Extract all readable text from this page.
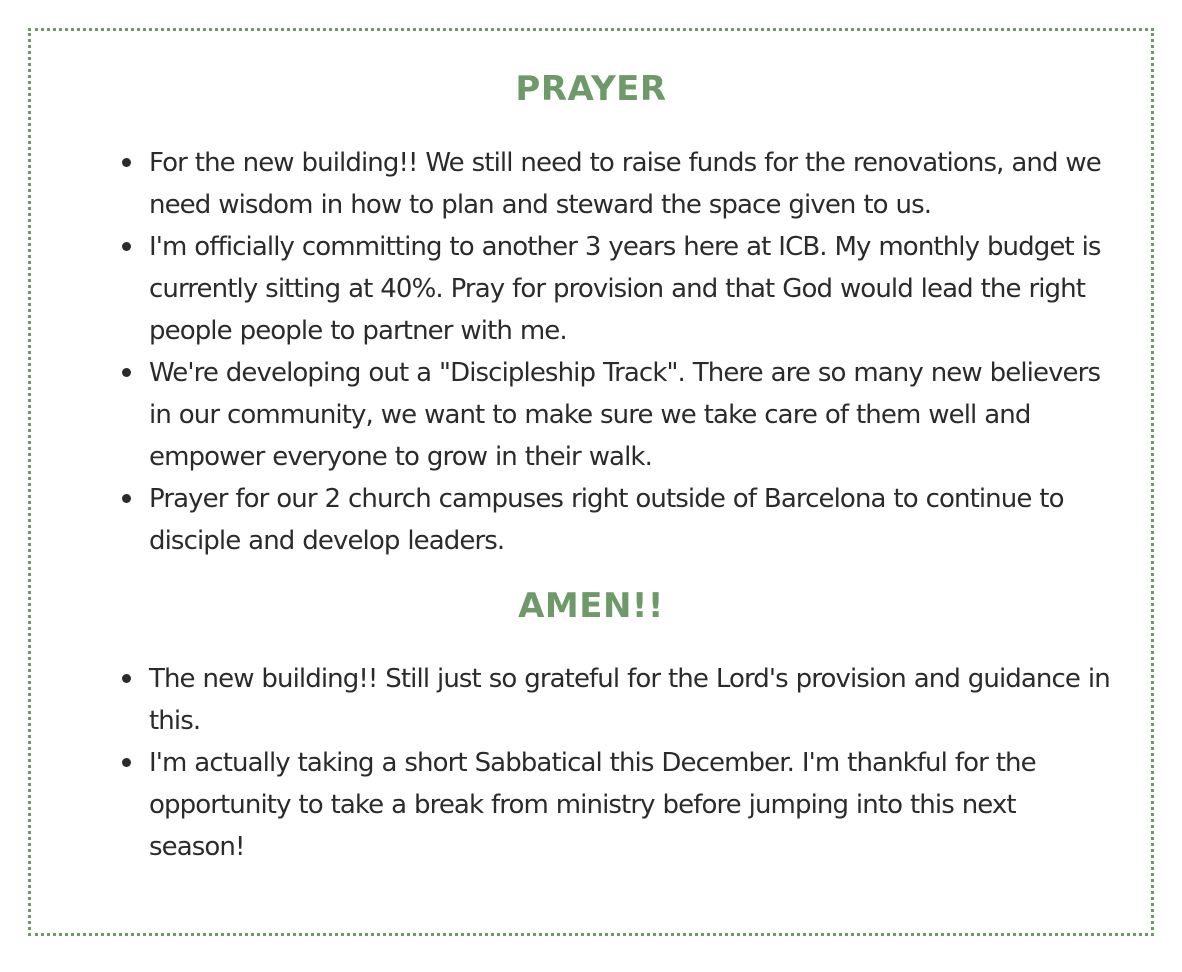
PRAYER
For the new building!! We still need to raise funds for the renovations, and we need wisdom in how to plan and steward the space given to us.
I'm officially committing to another 3 years here at ICB. My monthly budget is currently sitting at 40%. Pray for provision and that God would lead the right people people to partner with me.
We're developing out a "Discipleship Track". There are so many new believers in our community, we want to make sure we take care of them well and empower everyone to grow in their walk.
Prayer for our 2 church campuses right outside of Barcelona to continue to disciple and develop leaders.
AMEN!!
The new building!! Still just so grateful for the Lord's provision and guidance in this.
I'm actually taking a short Sabbatical this December. I'm thankful for the opportunity to take a break from ministry before jumping into this next season!
